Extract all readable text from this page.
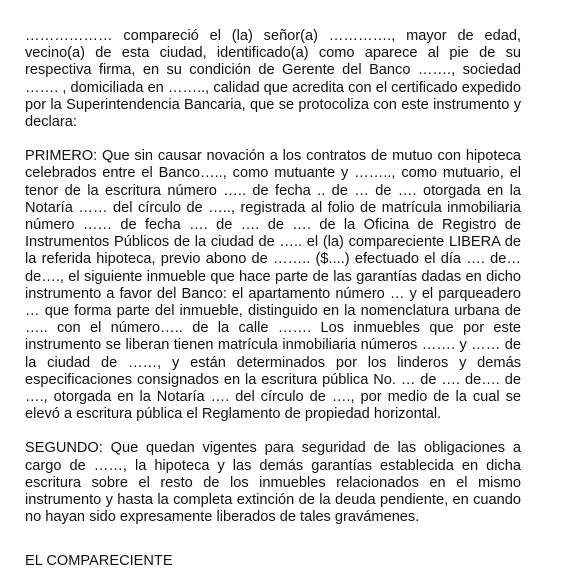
……………… compareció el (la) señor(a) …………., mayor de edad, vecino(a) de esta ciudad, identificado(a) como aparece al pie de su respectiva firma, en su condición de Gerente del Banco ……., sociedad ……. , domiciliada en …….., calidad que acredita con el certificado expedido por la Superintendencia Bancaria, que se protocoliza con este instrumento y declara:

PRIMERO: Que sin causar novación a los contratos de mutuo con hipoteca celebrados entre el Banco….., como mutuante y …….., como mutuario, el tenor de la escritura número ….. de fecha .. de … de …. otorgada en la Notaría …… del círculo de ….., registrada al folio de matrícula inmobiliaria número …… de fecha …. de …. de …. de la Oficina de Registro de Instrumentos Públicos de la ciudad de ….. el (la) compareciente LIBERA de la referida hipoteca, previo abono de …….. ($....) efectuado el día …. de… de…., el siguiente inmueble que hace parte de las garantías dadas en dicho instrumento a favor del Banco: el apartamento número … y el parqueadero … que forma parte del inmueble, distinguido en la nomenclatura urbana de ….. con el número….. de la calle ……. Los inmuebles que por este instrumento se liberan tienen matrícula inmobiliaria números ……. y …… de la ciudad de ……, y están determinados por los linderos y demás especificaciones consignados en la escritura pública No. … de …. de…. de …., otorgada en la Notaría …. del círculo de …., por medio de la cual se elevó a escritura pública el Reglamento de propiedad horizontal.

SEGUNDO: Que quedan vigentes para seguridad de las obligaciones a cargo de ……, la hipoteca y las demás garantías establecida en dicha escritura sobre el resto de los inmuebles relacionados en el mismo instrumento y hasta la completa extinción de la deuda pendiente, en cuando no hayan sido expresamente liberados de tales gravámenes.

EL COMPARECIENTE
